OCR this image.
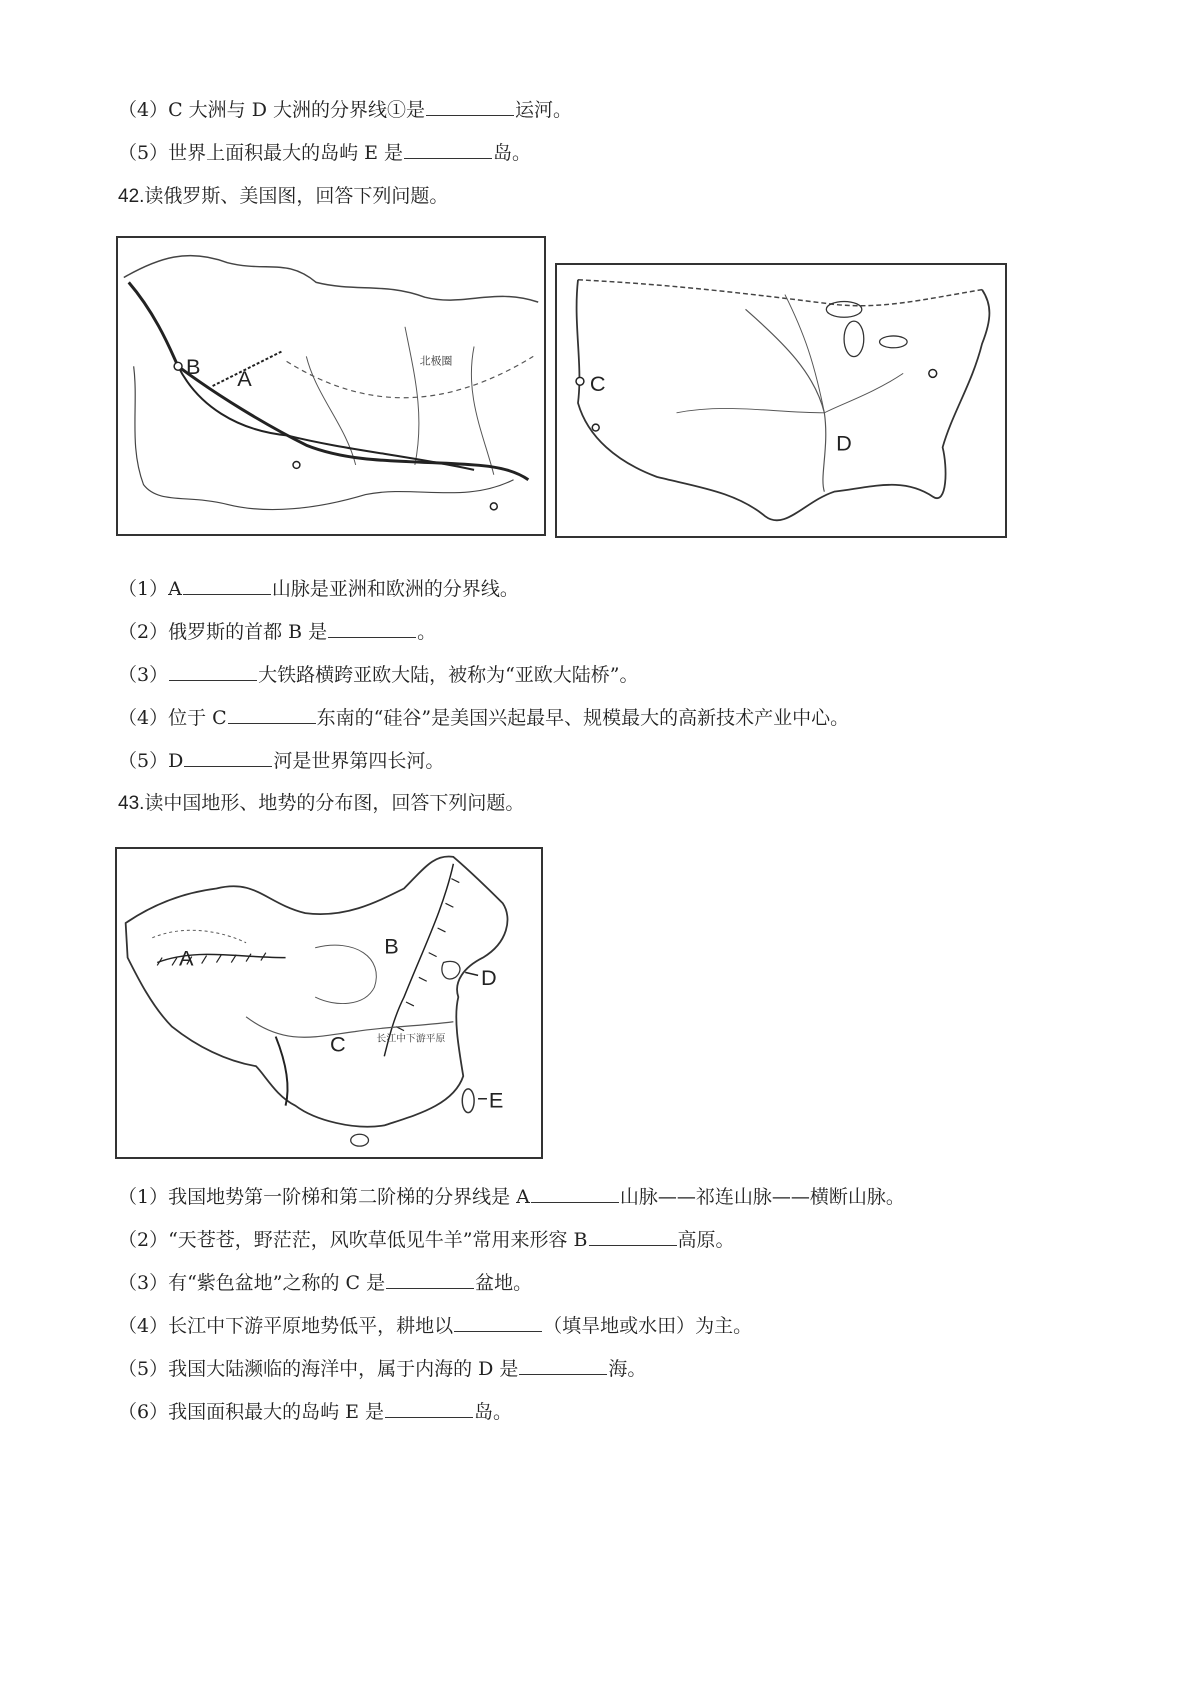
（4）C 大洲与 D 大洲的分界线①是	运河。
（5）世界上面积最大的岛屿 E 是	岛。
42.读俄罗斯、美国图，回答下列问题。
B A
北极圈
C
D
（1）A	山脉是亚洲和欧洲的分界线。
（2）俄罗斯的首都 B 是	。
（3）	大铁路横跨亚欧大陆，被称为“亚欧大陆桥”。
（4）位于 C	东南的“硅谷”是美国兴起最早、规模最大的高新技术产业中心。
（5）D	河是世界第四长河。
43.读中国地形、地势的分布图，回答下列问题。
A	B
C
D
E
长江中下游平原
（1）我国地势第一阶梯和第二阶梯的分界线是 A	山脉——祁连山脉——横断山脉。
（2）“天苍苍，野茫茫，风吹草低见牛羊”常用来形容 B	高原。
（3）有“紫色盆地”之称的 C 是	盆地。
（4）长江中下游平原地势低平，耕地以	（填旱地或水田）为主。
（5）我国大陆濒临的海洋中，属于内海的 D 是	海。
（6）我国面积最大的岛屿 E 是	岛。
